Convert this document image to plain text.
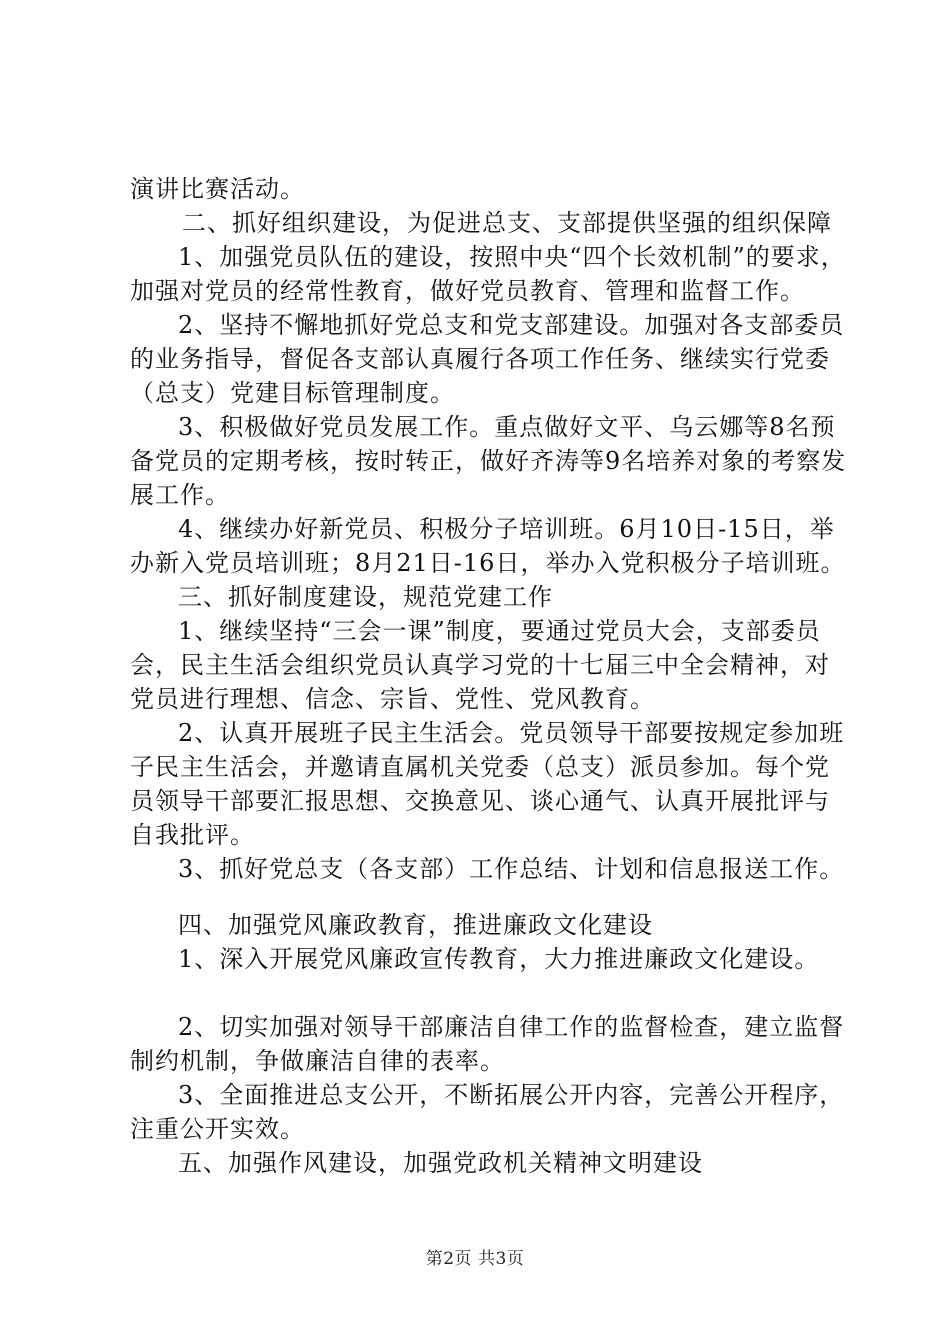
演讲比赛活动。

二、抓好组织建设，为促进总支、支部提供坚强的组织保障

1、加强党员队伍的建设，按照中央“四个长效机制”的要求，加强对党员的经常性教育，做好党员教育、管理和监督工作。

2、坚持不懈地抓好党总支和党支部建设。加强对各支部委员的业务指导，督促各支部认真履行各项工作任务、继续实行党委（总支）党建目标管理制度。

3、积极做好党员发展工作。重点做好文平、乌云娜等8名预备党员的定期考核，按时转正，做好齐涛等9名培养对象的考察发展工作。

4、继续办好新党员、积极分子培训班。6月10日-15日，举办新入党员培训班；8月21日-16日，举办入党积极分子培训班。

三、抓好制度建设，规范党建工作

1、继续坚持“三会一课”制度，要通过党员大会，支部委员会，民主生活会组织党员认真学习党的十七届三中全会精神，对党员进行理想、信念、宗旨、党性、党风教育。

2、认真开展班子民主生活会。党员领导干部要按规定参加班子民主生活会，并邀请直属机关党委（总支）派员参加。每个党员领导干部要汇报思想、交换意见、谈心通气、认真开展批评与自我批评。

3、抓好党总支（各支部）工作总结、计划和信息报送工作。

四、加强党风廉政教育，推进廉政文化建设

1、深入开展党风廉政宣传教育，大力推进廉政文化建设。

2、切实加强对领导干部廉洁自律工作的监督检查，建立监督制约机制，争做廉洁自律的表率。

3、全面推进总支公开，不断拓展公开内容，完善公开程序，注重公开实效。

五、加强作风建设，加强党政机关精神文明建设

第2页 共3页
